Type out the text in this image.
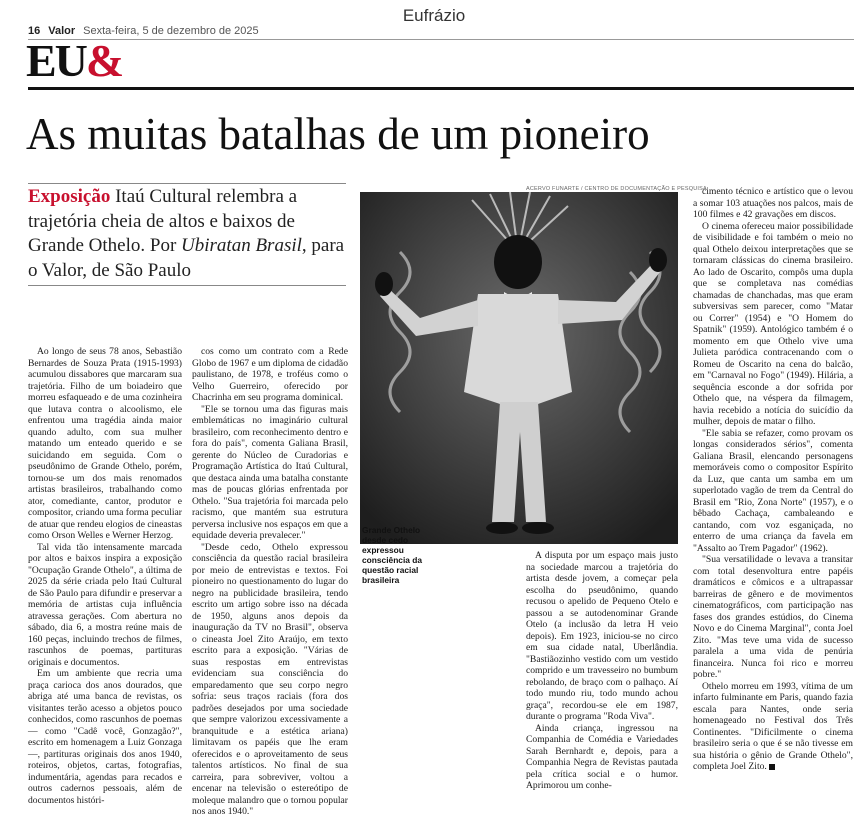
Eufrázio
16 Valor Sexta-feira, 5 de dezembro de 2025
EU&
As muitas batalhas de um pioneiro
Exposição Itaú Cultural relembra a trajetória cheia de altos e baixos de Grande Othelo. Por Ubiratan Brasil, para o Valor, de São Paulo

Ao longo de seus 78 anos, Sebastião Bernardes de Souza Prata (1915-1993) acumulou dissabores que marcaram sua trajetória. Filho de um boiadeiro que morreu esfaqueado e de uma cozinheira que lutava contra o alcoolismo, ele enfrentou uma tragédia ainda maior quando adulto, com sua mulher matando um enteado querido e se suicidando em seguida. Com o pseudônimo de Grande Othelo, porém, tornou-se um dos mais renomados artistas brasileiros, trabalhando como ator, comediante, cantor, produtor e compositor, criando uma forma peculiar de atuar que rendeu elogios de cineastas como Orson Welles e Werner Herzog.

Tal vida tão intensamente marcada por altos e baixos inspira a exposição "Ocupação Grande Othelo", a última de 2025 da série criada pelo Itaú Cultural de São Paulo para difundir e preservar a memória de artistas cuja influência atravessa gerações. Com abertura no sábado, dia 6, a mostra reúne mais de 160 peças, incluindo trechos de filmes, rascunhos de poemas, partituras originais e documentos.

Em um ambiente que recria uma praça carioca dos anos dourados, que abriga até uma banca de revistas, os visitantes terão acesso a objetos pouco conhecidos, como rascunhos de poemas — como "Cadê você, Gonzagão?", escrito em homenagem a Luiz Gonzaga —, partituras originais dos anos 1940, roteiros, objetos, cartas, fotografias, indumentária, agendas para recados e outros cadernos pessoais, além de documentos históri-

cos como um contrato com a Rede Globo de 1967 e um diploma de cidadão paulistano, de 1978, e troféus como o Velho Guerreiro, oferecido por Chacrinha em seu programa dominical.

"Ele se tornou uma das figuras mais emblemáticas no imaginário cultural brasileiro, com reconhecimento dentro e fora do país", comenta Galiana Brasil, gerente do Núcleo de Curadorias e Programação Artística do Itaú Cultural, que destaca ainda uma batalha constante mas de poucas glórias enfrentada por Othelo. "Sua trajetória foi marcada pelo racismo, que mantém sua estrutura perversa inclusive nos espaços em que a equidade deveria prevalecer."

"Desde cedo, Othelo expressou consciência da questão racial brasileira por meio de entrevistas e textos. Foi pioneiro no questionamento do lugar do negro na publicidade brasileira, tendo escrito um artigo sobre isso na década de 1950, alguns anos depois da inauguração da TV no Brasil", observa o cineasta Joel Zito Araújo, em texto escrito para a exposição. "Várias de suas respostas em entrevistas evidenciam sua consciência do emparedamento que seu corpo negro sofria: seus traços raciais (fora dos padrões desejados por uma sociedade que sempre valorizou excessivamente a branquitude e a estética ariana) limitavam os papéis que lhe eram oferecidos e o aproveitamento de seus talentos artísticos. No final de sua carreira, para sobreviver, voltou a encenar na televisão o estereótipo de moleque malandro que o tornou popular nos anos 1940."

ACERVO FUNARTE / CENTRO DE DOCUMENTAÇÃO E PESQUISA
Grande Othelo desde cedo expressou consciência da questão racial brasileira

A disputa por um espaço mais justo na sociedade marcou a trajetória do artista desde jovem, a começar pela escolha do pseudônimo, quando recusou o apelido de Pequeno Otelo e passou a se autodenominar Grande Otelo (a inclusão da letra H veio depois). Em 1923, iniciou-se no circo em sua cidade natal, Uberlândia. "Bastiãozinho vestido com um vestido comprido e um travesseiro no bumbum rebolando, de braço com o palhaço. Aí todo mundo riu, todo mundo achou graça", recordou-se ele em 1987, durante o programa "Roda Viva".

Ainda criança, ingressou na Companhia de Comédia e Variedades Sarah Bernhardt e, depois, para a Companhia Negra de Revistas pautada pela crítica social e o humor. Aprimorou um conhe-

cimento técnico e artístico que o levou a somar 103 atuações nos palcos, mais de 100 filmes e 42 gravações em discos.

O cinema ofereceu maior possibilidade de visibilidade e foi também o meio no qual Othelo deixou interpretações que se tornaram clássicas do cinema brasileiro. Ao lado de Oscarito, compôs uma dupla que se completava nas comédias chamadas de chanchadas, mas que eram subversivas sem parecer, como "Matar ou Correr" (1954) e "O Homem do Spatnik" (1959). Antológico também é o momento em que Othelo vive uma Julieta paródica contracenando com o Romeu de Oscarito na cena do balcão, em "Carnaval no Fogo" (1949). Hilária, a sequência esconde a dor sofrida por Othelo que, na véspera da filmagem, havia recebido a notícia do suicídio da mulher, depois de matar o filho.

"Ele sabia se refazer, como provam os longas considerados sérios", comenta Galiana Brasil, elencando personagens memoráveis como o compositor Espírito da Luz, que canta um samba em um superlotado vagão de trem da Central do Brasil em "Rio, Zona Norte" (1957), e o bêbado Cachaça, cambaleando e cantando, com voz esganiçada, no enterro de uma criança da favela em "Assalto ao Trem Pagador" (1962).

"Sua versatilidade o levava a transitar com total desenvoltura entre papéis dramáticos e cômicos e a ultrapassar barreiras de gênero e de movimentos cinematográficos, com participação nas fases dos grandes estúdios, do Cinema Novo e do Cinema Marginal", conta Joel Zito. "Mas teve uma vida de sucesso paralela a uma vida de penúria financeira. Nunca foi rico e morreu pobre."

Othelo morreu em 1993, vítima de um infarto fulminante em Paris, quando fazia escala para Nantes, onde seria homenageado no Festival dos Três Continentes. "Dificilmente o cinema brasileiro seria o que é se não tivesse em sua história o gênio de Grande Othelo", completa Joel Zito.
